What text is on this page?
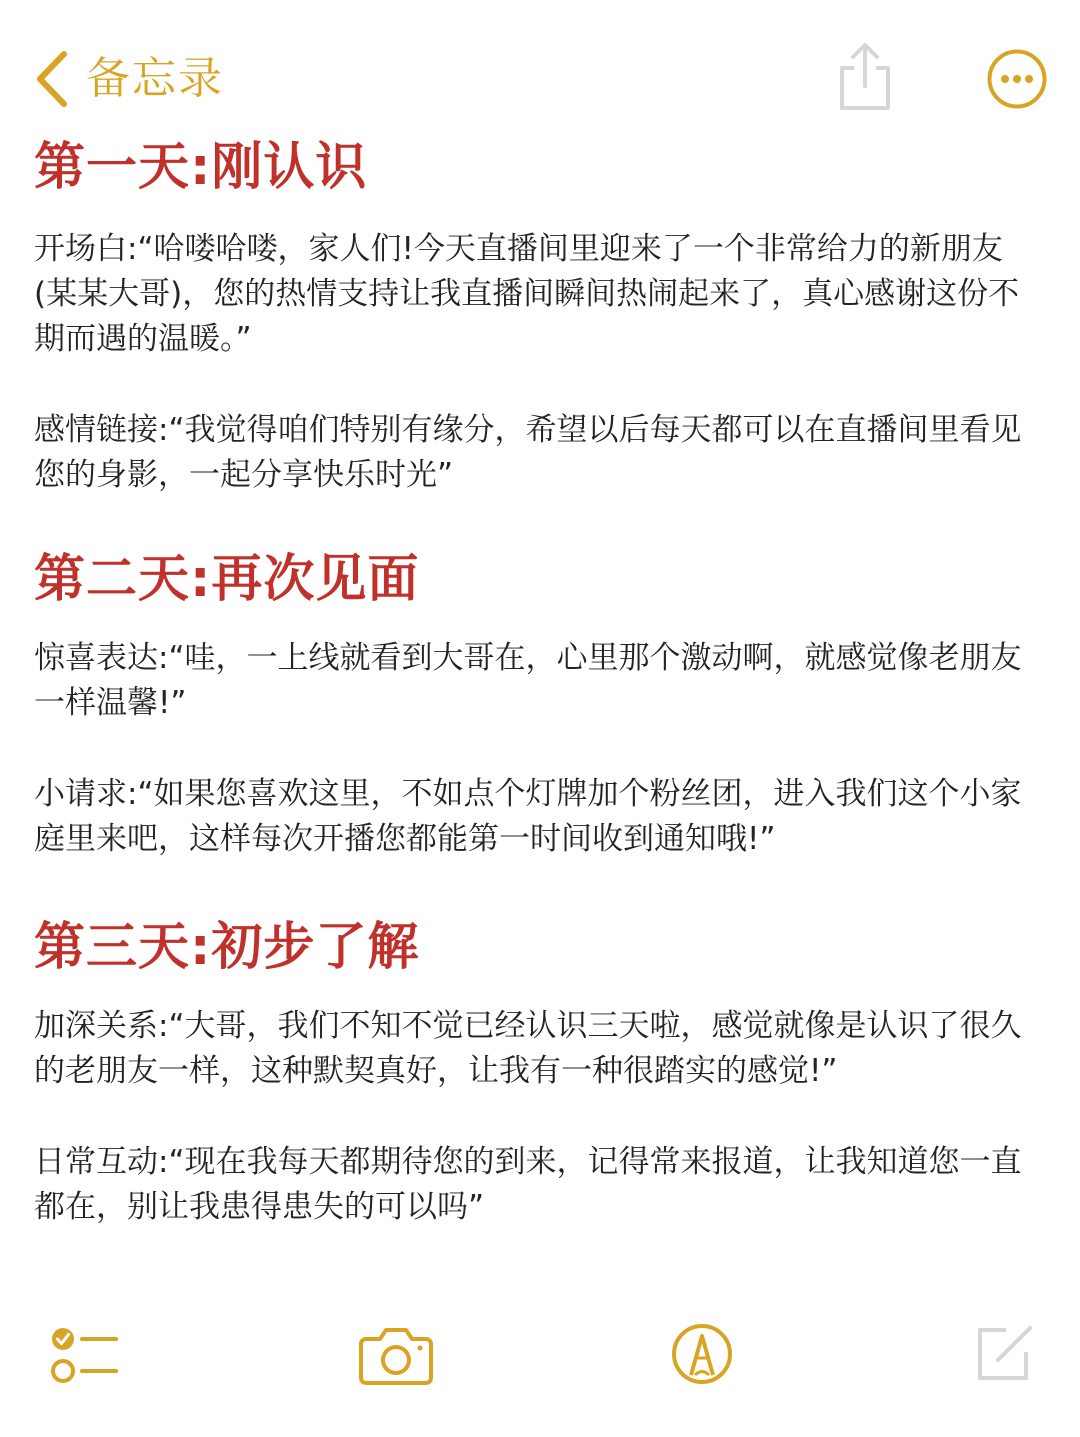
备忘录
第一天:刚认识

开场白:“哈喽哈喽，家人们!今天直播间里迎来了一个非常给力的新朋友(某某大哥)，您的热情支持让我直播间瞬间热闹起来了，真心感谢这份不期而遇的温暖。”

感情链接:“我觉得咱们特别有缘分，希望以后每天都可以在直播间里看见您的身影，一起分享快乐时光”

第二天:再次见面

惊喜表达:“哇，一上线就看到大哥在，心里那个激动啊，就感觉像老朋友一样温馨!”

小请求:“如果您喜欢这里，不如点个灯牌加个粉丝团，进入我们这个小家庭里来吧，这样每次开播您都能第一时间收到通知哦!”

第三天:初步了解

加深关系:“大哥，我们不知不觉已经认识三天啦，感觉就像是认识了很久的老朋友一样，这种默契真好，让我有一种很踏实的感觉!”

日常互动:“现在我每天都期待您的到来，记得常来报道，让我知道您一直都在，别让我患得患失的可以吗”
